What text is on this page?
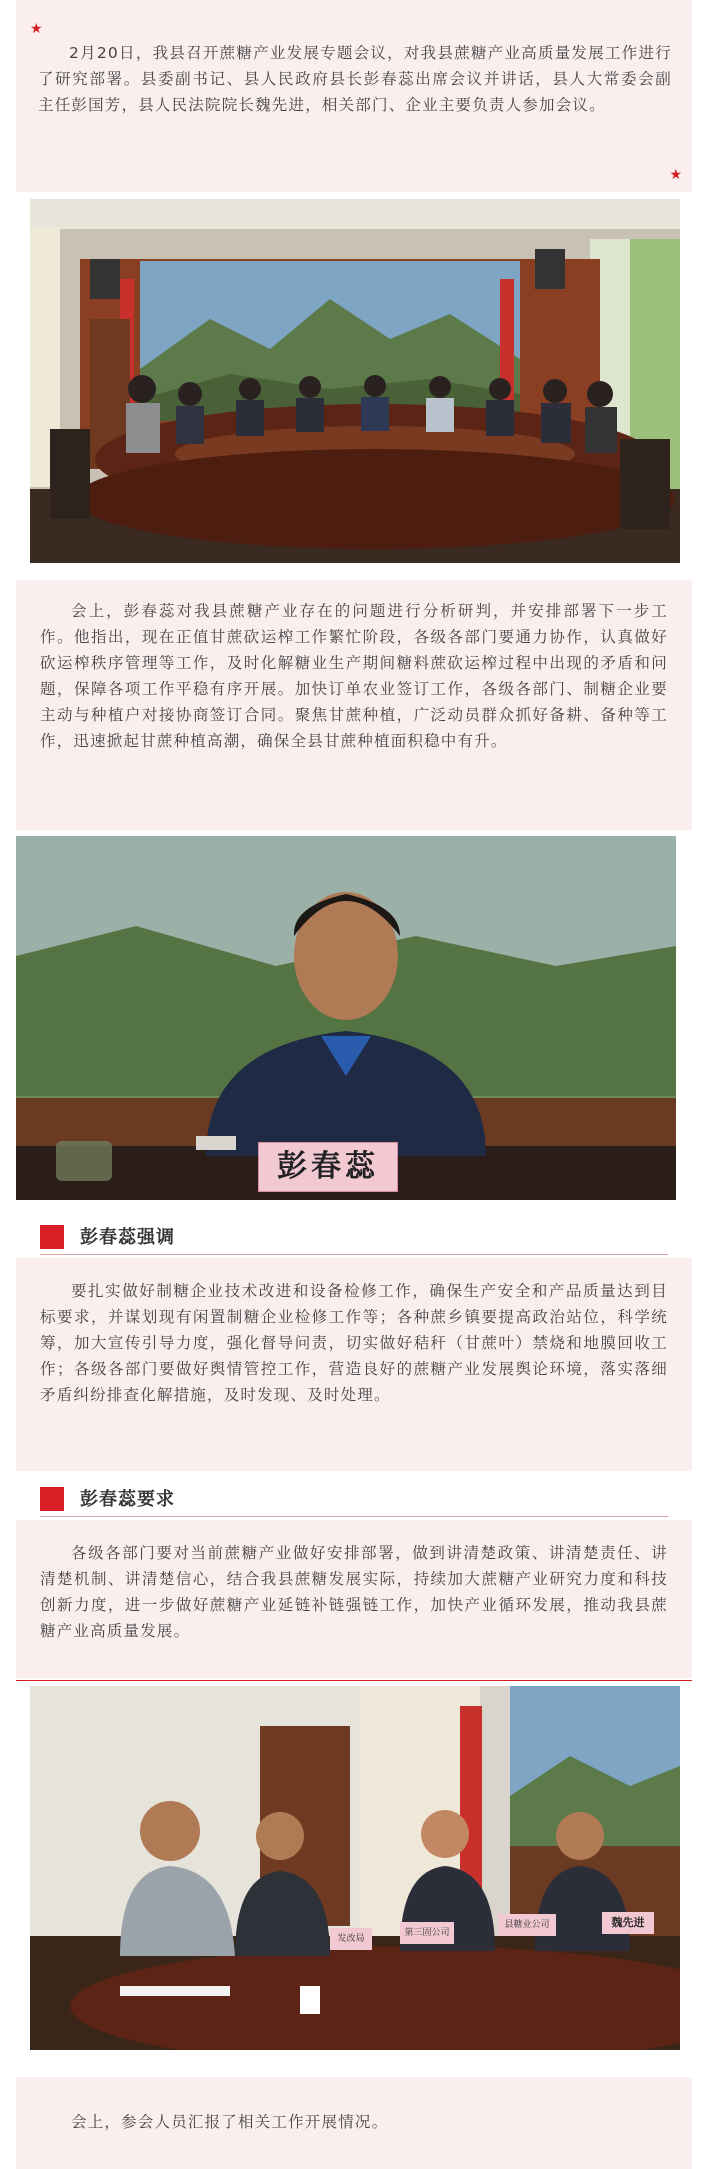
★

2月20日，我县召开蔗糖产业发展专题会议，对我县蔗糖产业高质量发展工作进行了研究部署。县委副书记、县人民政府县长彭春蕊出席会议并讲话，县人大常委会副主任彭国芳，县人民法院院长魏先进，相关部门、企业主要负责人参加会议。

★

会上，彭春蕊对我县蔗糖产业存在的问题进行分析研判，并安排部署下一步工作。他指出，现在正值甘蔗砍运榨工作繁忙阶段，各级各部门要通力协作，认真做好砍运榨秩序管理等工作，及时化解糖业生产期间糖料蔗砍运榨过程中出现的矛盾和问题，保障各项工作平稳有序开展。加快订单农业签订工作，各级各部门、制糖企业要主动与种植户对接协商签订合同。聚焦甘蔗种植，广泛动员群众抓好备耕、备种等工作，迅速掀起甘蔗种植高潮，确保全县甘蔗种植面积稳中有升。

彭春蕊
彭春蕊强调

要扎实做好制糖企业技术改进和设备检修工作，确保生产安全和产品质量达到目标要求，并谋划现有闲置制糖企业检修工作等；各种蔗乡镇要提高政治站位，科学统筹，加大宣传引导力度，强化督导问责，切实做好秸秆（甘蔗叶）禁烧和地膜回收工作；各级各部门要做好舆情管控工作，营造良好的蔗糖产业发展舆论环境，落实落细矛盾纠纷排查化解措施，及时发现、及时处理。

彭春蕊要求

各级各部门要对当前蔗糖产业做好安排部署，做到讲清楚政策、讲清楚责任、讲清楚机制、讲清楚信心，结合我县蔗糖发展实际，持续加大蔗糖产业研究力度和科技创新力度，进一步做好蔗糖产业延链补链强链工作，加快产业循环发展，推动我县蔗糖产业高质量发展。

发改局
第三固公司
县糖业公司	魏先进

会上，参会人员汇报了相关工作开展情况。
